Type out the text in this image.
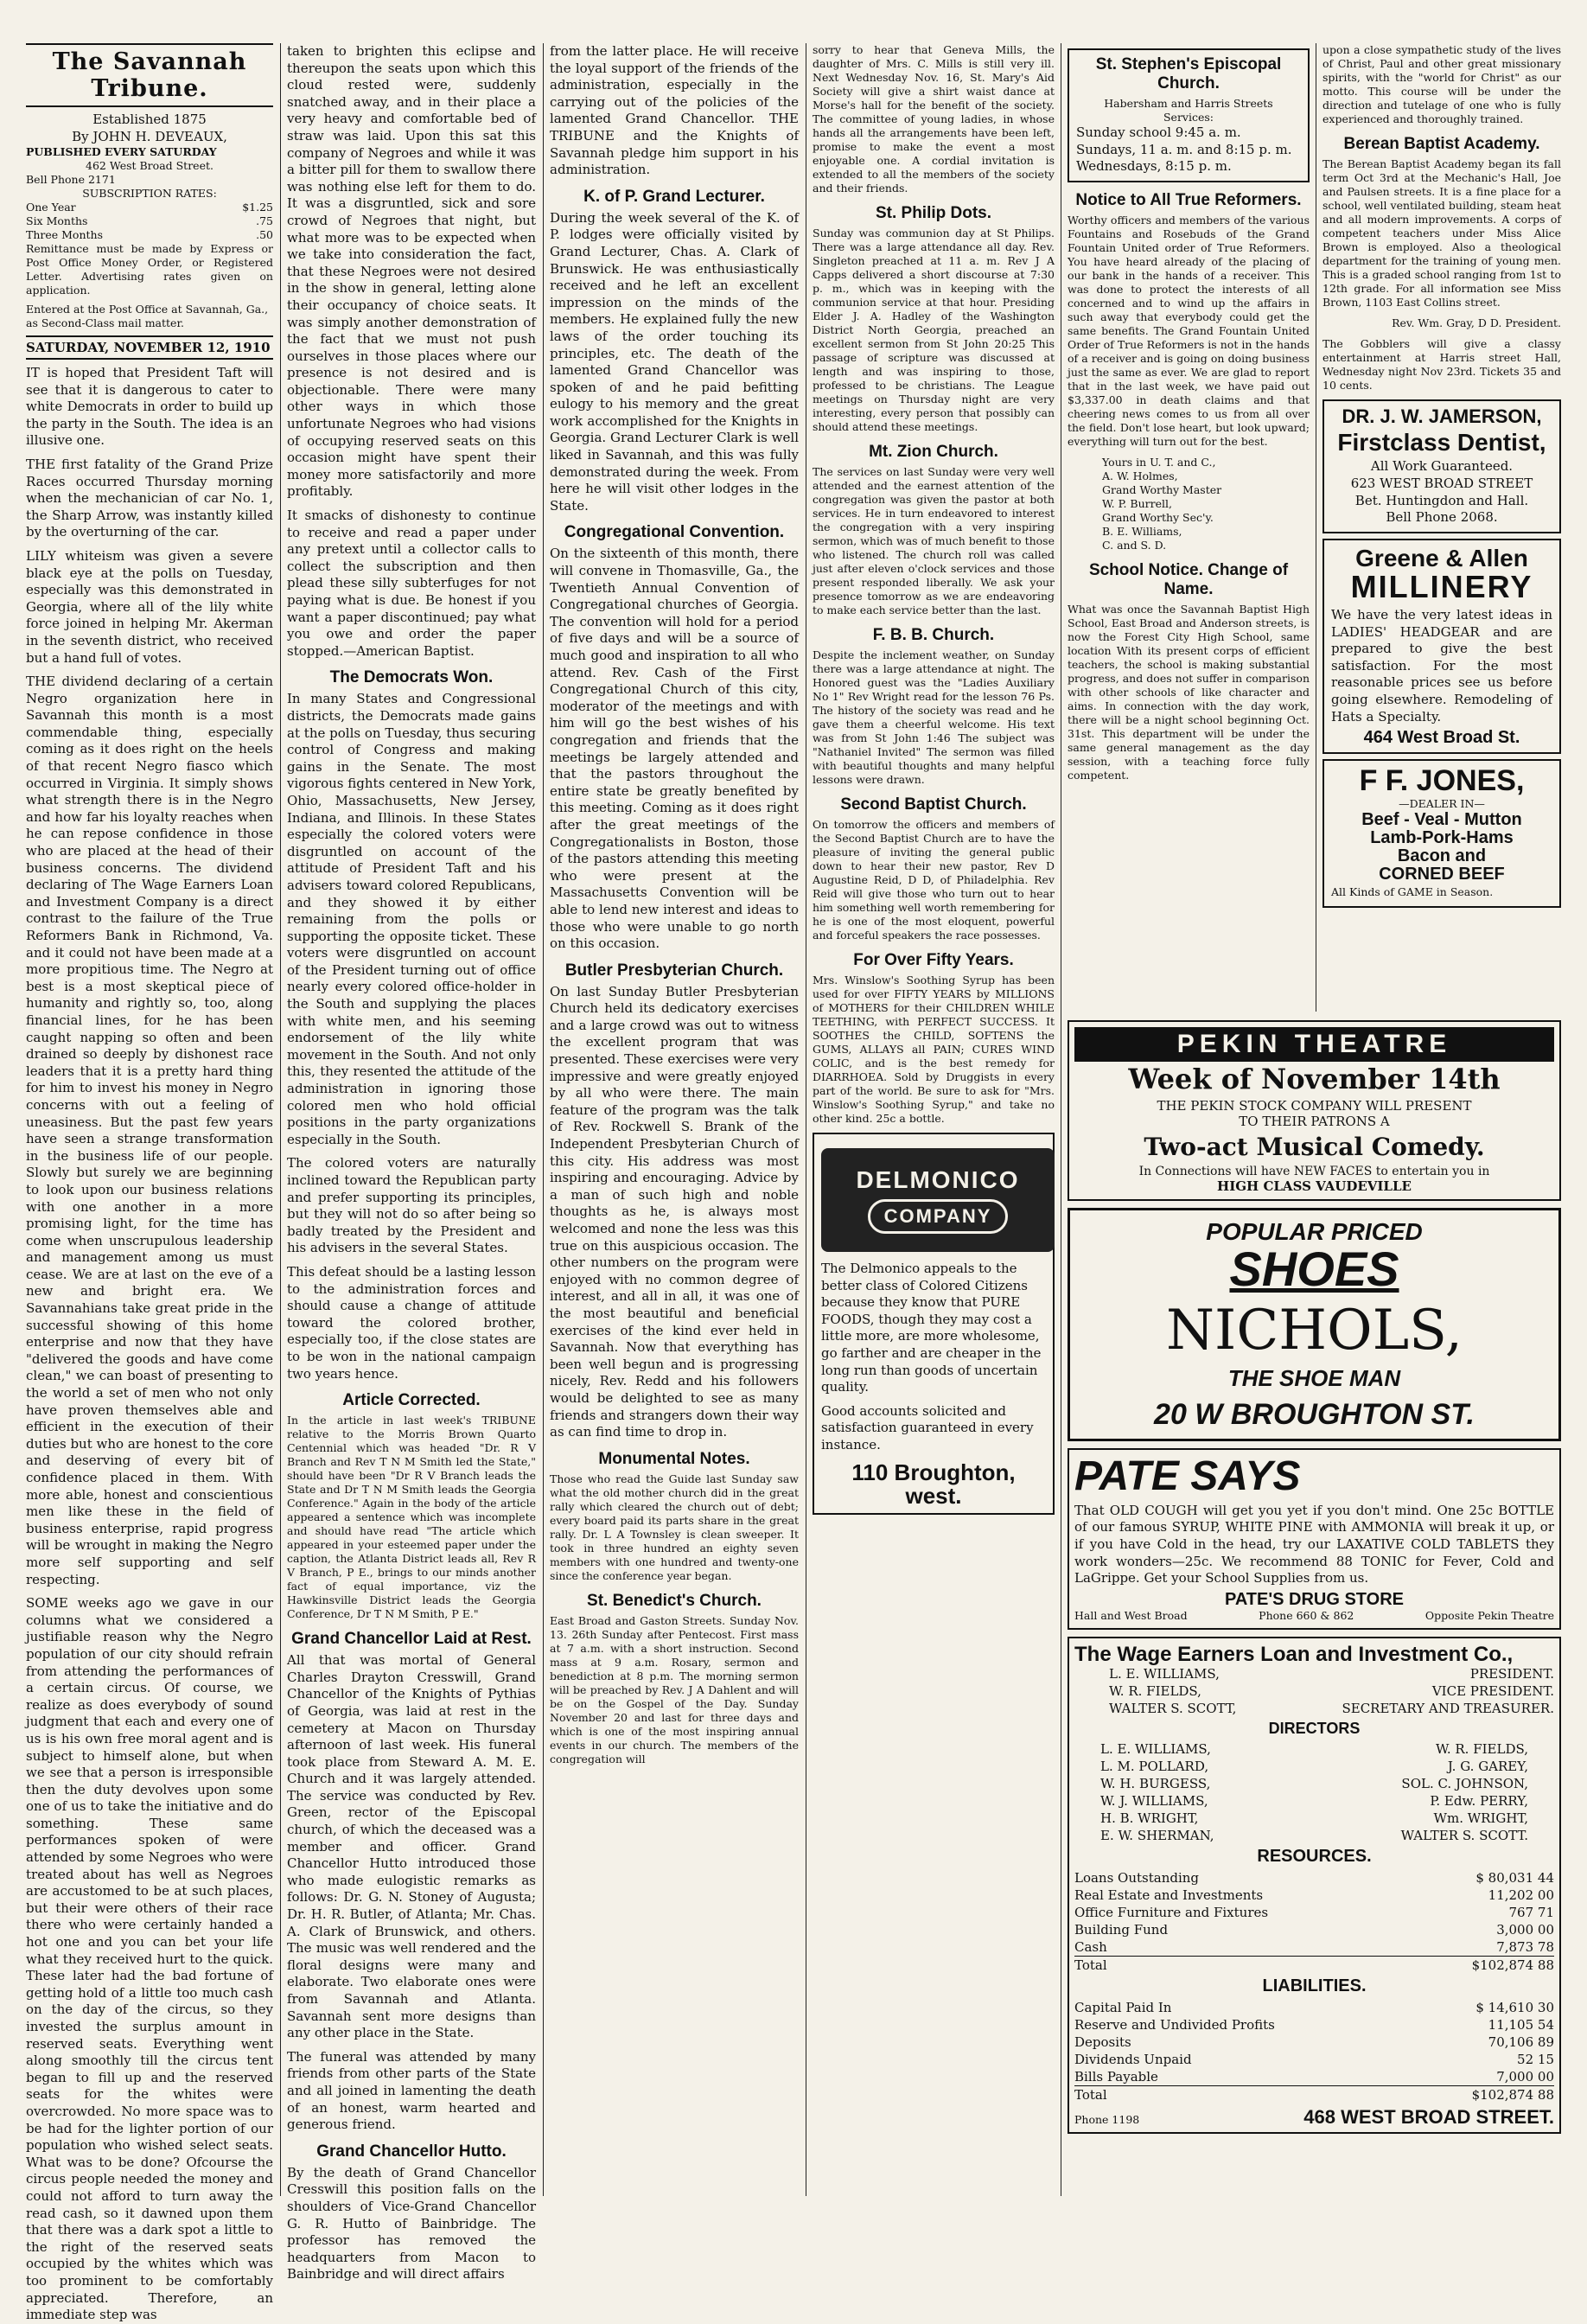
The Savannah Tribune.
Established 1875
By JOHN H. DEVEAUX,
PUBLISHED EVERY SATURDAY
462 West Broad Street.
Bell Phone 2171
SUBSCRIPTION RATES:
One Year	$1.25
Six Months	.75
Three Months	.50
Remittance must be made by Express or Post Office Money Order, or Registered Letter. Advertising rates given on application.
Entered at the Post Office at Savannah, Ga., as Second-Class mail matter.
SATURDAY, NOVEMBER 12, 1910

IT is hoped that President Taft will see that it is dangerous to cater to white Democrats in order to build up the party in the South. The idea is an illusive one.

THE first fatality of the Grand Prize Races occurred Thursday morning when the mechanician of car No. 1, the Sharp Arrow, was instantly killed by the overturning of the car.

LILY whiteism was given a severe black eye at the polls on Tuesday, especially was this demonstrated in Georgia, where all of the lily white force joined in helping Mr. Akerman in the seventh district, who received but a hand full of votes.

THE dividend declaring of a certain Negro organization here in Savannah this month is a most commendable thing, especially coming as it does right on the heels of that recent Negro fiasco which occurred in Virginia. It simply shows what strength there is in the Negro and how far his loyalty reaches when he can repose confidence in those who are placed at the head of their business concerns. The dividend declaring of The Wage Earners Loan and Investment Company is a direct contrast to the failure of the True Reformers Bank in Richmond, Va. and it could not have been made at a more propitious time. The Negro at best is a most skeptical piece of humanity and rightly so, too, along financial lines, for he has been caught napping so often and been drained so deeply by dishonest race leaders that it is a pretty hard thing for him to invest his money in Negro concerns with out a feeling of uneasiness. But the past few years have seen a strange transformation in the business life of our people. Slowly but surely we are beginning to look upon our business relations with one another in a more promising light, for the time has come when unscrupulous leadership and management among us must cease. We are at last on the eve of a new and bright era. We Savannahians take great pride in the successful showing of this home enterprise and now that they have "delivered the goods and have come clean," we can boast of presenting to the world a set of men who not only have proven themselves able and efficient in the execution of their duties but who are honest to the core and deserving of every bit of confidence placed in them. With more able, honest and conscientious men like these in the field of business enterprise, rapid progress will be wrought in making the Negro more self supporting and self respecting.

SOME weeks ago we gave in our columns what we considered a justifiable reason why the Negro population of our city should refrain from attending the performances of a certain circus. Of course, we realize as does everybody of sound judgment that each and every one of us is his own free moral agent and is subject to himself alone, but when we see that a person is irresponsible then the duty devolves upon some one of us to take the initiative and do something. These same performances spoken of were attended by some Negroes who were treated about has well as Negroes are accustomed to be at such places, but their were others of their race there who were certainly handed a hot one and you can bet your life what they received hurt to the quick. These later had the bad fortune of getting hold of a little too much cash on the day of the circus, so they invested the surplus amount in reserved seats. Everything went along smoothly till the circus tent began to fill up and the reserved seats for the whites were overcrowded. No more space was to be had for the lighter portion of our population who wished select seats. What was to be done? Ofcourse the circus people needed the money and could not afford to turn away the read cash, so it dawned upon them that there was a dark spot a little to the right of the reserved seats occupied by the whites which was too prominent to be comfortably appreciated. Therefore, an immediate step was

taken to brighten this eclipse and thereupon the seats upon which this cloud rested were, suddenly snatched away, and in their place a very heavy and comfortable bed of straw was laid. Upon this sat this company of Negroes and while it was a bitter pill for them to swallow there was nothing else left for them to do. It was a disgruntled, sick and sore crowd of Negroes that night, but what more was to be expected when we take into consideration the fact, that these Negroes were not desired in the show in general, letting alone their occupancy of choice seats. It was simply another demonstration of the fact that we must not push ourselves in those places where our presence is not desired and is objectionable. There were many other ways in which those unfortunate Negroes who had visions of occupying reserved seats on this occasion might have spent their money more satisfactorily and more profitably.

It smacks of dishonesty to continue to receive and read a paper under any pretext until a collector calls to collect the subscription and then plead these silly subterfuges for not paying what is due. Be honest if you want a paper discontinued; pay what you owe and order the paper stopped.—American Baptist.

The Democrats Won.

In many States and Congressional districts, the Democrats made gains at the polls on Tuesday, thus securing control of Congress and making gains in the Senate. The most vigorous fights centered in New York, Ohio, Massachusetts, New Jersey, Indiana, and Illinois. In these States especially the colored voters were disgruntled on account of the attitude of President Taft and his advisers toward colored Republicans, and they showed it by either remaining from the polls or supporting the opposite ticket. These voters were disgruntled on account of the President turning out of office nearly every colored office-holder in the South and supplying the places with white men, and his seeming endorsement of the lily white movement in the South. And not only this, they resented the attitude of the administration in ignoring those colored men who hold official positions in the party organizations especially in the South.

The colored voters are naturally inclined toward the Republican party and prefer supporting its principles, but they will not do so after being so badly treated by the President and his advisers in the several States.

This defeat should be a lasting lesson to the administration forces and should cause a change of attitude toward the colored brother, especially too, if the close states are to be won in the national campaign two years hence.

Article Corrected.

In the article in last week's TRIBUNE relative to the Morris Brown Quarto Centennial which was headed "Dr. R V Branch and Rev T N M Smith led the State," should have been "Dr R V Branch leads the State and Dr T N M Smith leads the Georgia Conference." Again in the body of the article appeared a sentence which was incomplete and should have read "The article which appeared in your esteemed paper under the caption, the Atlanta District leads all, Rev R V Branch, P E., brings to our minds another fact of equal importance, viz the Hawkinsville District leads the Georgia Conference, Dr T N M Smith, P E."

Grand Chancellor Laid at Rest.

All that was mortal of General Charles Drayton Cresswill, Grand Chancellor of the Knights of Pythias of Georgia, was laid at rest in the cemetery at Macon on Thursday afternoon of last week. His funeral took place from Steward A. M. E. Church and it was largely attended. The service was conducted by Rev. Green, rector of the Episcopal church, of which the deceased was a member and officer. Grand Chancellor Hutto introduced those who made eulogistic remarks as follows: Dr. G. N. Stoney of Augusta; Dr. H. R. Butler, of Atlanta; Mr. Chas. A. Clark of Brunswick, and others. The music was well rendered and the floral designs were many and elaborate. Two elaborate ones were from Savannah and Atlanta. Savannah sent more designs than any other place in the State.

The funeral was attended by many friends from other parts of the State and all joined in lamenting the death of an honest, warm hearted and generous friend.

Grand Chancellor Hutto.

By the death of Grand Chancellor Cresswill this position falls on the shoulders of Vice-Grand Chancellor G. R. Hutto of Bainbridge. The professor has removed the headquarters from Macon to Bainbridge and will direct affairs

from the latter place. He will receive the loyal support of the friends of the administration, especially in the carrying out of the policies of the lamented Grand Chancellor. THE TRIBUNE and the Knights of Savannah pledge him support in his administration.

K. of P. Grand Lecturer.

During the week several of the K. of P. lodges were officially visited by Grand Lecturer, Chas. A. Clark of Brunswick. He was enthusiastically received and he left an excellent impression on the minds of the members. He explained fully the new laws of the order touching its principles, etc. The death of the lamented Grand Chancellor was spoken of and he paid befitting eulogy to his memory and the great work accomplished for the Knights in Georgia. Grand Lecturer Clark is well liked in Savannah, and this was fully demonstrated during the week. From here he will visit other lodges in the State.

Congregational Convention.

On the sixteenth of this month, there will convene in Thomasville, Ga., the Twentieth Annual Convention of Congregational churches of Georgia. The convention will hold for a period of five days and will be a source of much good and inspiration to all who attend. Rev. Cash of the First Congregational Church of this city, moderator of the meetings and with him will go the best wishes of his congregation and friends that the meetings be largely attended and that the pastors throughout the entire state be greatly benefited by this meeting. Coming as it does right after the great meetings of the Congregationalists in Boston, those of the pastors attending this meeting who were present at the Massachusetts Convention will be able to lend new interest and ideas to those who were unable to go north on this occasion.

Butler Presbyterian Church.

On last Sunday Butler Presbyterian Church held its dedicatory exercises and a large crowd was out to witness the excellent program that was presented. These exercises were very impressive and were greatly enjoyed by all who were there. The main feature of the program was the talk of Rev. Rockwell S. Brank of the Independent Presbyterian Church of this city. His address was most inspiring and encouraging. Advice by a man of such high and noble thoughts as he, is always most welcomed and none the less was this true on this auspicious occasion. The other numbers on the program were enjoyed with no common degree of interest, and all in all, it was one of the most beautiful and beneficial exercises of the kind ever held in Savannah. Now that everything has been well begun and is progressing nicely, Rev. Redd and his followers would be delighted to see as many friends and strangers down their way as can find time to drop in.

Monumental Notes.

Those who read the Guide last Sunday saw what the old mother church did in the great rally which cleared the church out of debt; every board paid its parts share in the great rally. Dr. L A Townsley is clean sweeper. It took in three hundred an eighty seven members with one hundred and twenty-one since the conference year began.

St. Benedict's Church.

East Broad and Gaston Streets. Sunday Nov. 13. 26th Sunday after Pentecost. First mass at 7 a.m. with a short instruction. Second mass at 9 a.m. Rosary, sermon and benediction at 8 p.m. The morning sermon will be preached by Rev. J A Dahlent and will be on the Gospel of the Day. Sunday November 20 and last for three days and which is one of the most inspiring annual events in our church. The members of the congregation will

sorry to hear that Geneva Mills, the daughter of Mrs. C. Mills is still very ill. Next Wednesday Nov. 16, St. Mary's Aid Society will give a shirt waist dance at Morse's hall for the benefit of the society. The committee of young ladies, in whose hands all the arrangements have been left, promise to make the event a most enjoyable one. A cordial invitation is extended to all the members of the society and their friends.

St. Philip Dots.

Sunday was communion day at St Philips. There was a large attendance all day. Rev. Singleton preached at 11 a. m. Rev J A Capps delivered a short discourse at 7:30 p. m., which was in keeping with the communion service at that hour. Presiding Elder J. A. Hadley of the Washington District North Georgia, preached an excellent sermon from St John 20:25 This passage of scripture was discussed at length and was inspiring to those, professed to be christians. The League meetings on Thursday night are very interesting, every person that possibly can should attend these meetings.

Mt. Zion Church.

The services on last Sunday were very well attended and the earnest attention of the congregation was given the pastor at both services. He in turn endeavored to interest the congregation with a very inspiring sermon, which was of much benefit to those who listened. The church roll was called just after eleven o'clock services and those present responded liberally. We ask your presence tomorrow as we are endeavoring to make each service better than the last.

F. B. B. Church.

Despite the inclement weather, on Sunday there was a large attendance at night. The Honored guest was the "Ladies Auxiliary No 1" Rev Wright read for the lesson 76 Ps. The history of the society was read and he gave them a cheerful welcome. His text was from St John 1:46 The subject was "Nathaniel Invited" The sermon was filled with beautiful thoughts and many helpful lessons were drawn.

Second Baptist Church.

On tomorrow the officers and members of the Second Baptist Church are to have the pleasure of inviting the general public down to hear their new pastor, Rev D Augustine Reid, D D, of Philadelphia. Rev Reid will give those who turn out to hear him something well worth remembering for he is one of the most eloquent, powerful and forceful speakers the race possesses.

For Over Fifty Years.

Mrs. Winslow's Soothing Syrup has been used for over FIFTY YEARS by MILLIONS of MOTHERS for their CHILDREN WHILE TEETHING, with PERFECT SUCCESS. It SOOTHES the CHILD, SOFTENS the GUMS, ALLAYS all PAIN; CURES WIND COLIC, and is the best remedy for DIARRHOEA. Sold by Druggists in every part of the world. Be sure to ask for "Mrs. Winslow's Soothing Syrup," and take no other kind. 25c a bottle.

DELMONICO
COMPANY

The Delmonico appeals to the better class of Colored Citizens because they know that PURE FOODS, though they may cost a little more, are more wholesome, go farther and are cheaper in the long run than goods of uncertain quality.

Good accounts solicited and satisfaction guaranteed in every instance.

110 Broughton, west.
St. Stephen's Episcopal Church.
Habersham and Harris Streets
Services:
Sunday school 9:45 a. m.
Sundays, 11 a. m. and 8:15 p. m.
Wednesdays, 8:15 p. m.
Notice to All True Reformers.

Worthy officers and members of the various Fountains and Rosebuds of the Grand Fountain United order of True Reformers. You have heard already of the placing of our bank in the hands of a receiver. This was done to protect the interests of all concerned and to wind up the affairs in such away that everybody could get the same benefits. The Grand Fountain United Order of True Reformers is not in the hands of a receiver and is going on doing business just the same as ever. We are glad to report that in the last week, we have paid out $3,337.00 in death claims and that cheering news comes to us from all over the field. Don't lose heart, but look upward; everything will turn out for the best.

Yours in U. T. and C.,
A. W. Holmes,
Grand Worthy Master
W. P. Burrell,
Grand Worthy Sec'y.
B. E. Williams,
C. and S. D.
School Notice. Change of Name.

What was once the Savannah Baptist High School, East Broad and Anderson streets, is now the Forest City High School, same location With its present corps of efficient teachers, the school is making substantial progress, and does not suffer in comparison with other schools of like character and aims. In connection with the day work, there will be a night school beginning Oct. 31st. This department will be under the same general management as the day session, with a teaching force fully competent.

upon a close sympathetic study of the lives of Christ, Paul and other great missionary spirits, with the "world for Christ" as our motto. This course will be under the direction and tutelage of one who is fully experienced and thoroughly trained.

Berean Baptist Academy.

The Berean Baptist Academy began its fall term Oct 3rd at the Mechanic's Hall, Joe and Paulsen streets. It is a fine place for a school, well ventilated building, steam heat and all modern improvements. A corps of competent teachers under Miss Alice Brown is employed. Also a theological department for the training of young men. This is a graded school ranging from 1st to 12th grade. For all information see Miss Brown, 1103 East Collins street.

Rev. Wm. Gray, D D. President.

The Gobblers will give a classy entertainment at Harris street Hall, Wednesday night Nov 23rd. Tickets 35 and 10 cents.

DR. J. W. JAMERSON,
Firstclass Dentist,
All Work Guaranteed.
623 WEST BROAD STREET
Bet. Huntingdon and Hall.
Bell Phone 2068.
Greene & Allen
MILLINERY

We have the very latest ideas in LADIES' HEADGEAR and are prepared to give the best satisfaction. For the most reasonable prices see us before going elsewhere. Remodeling of Hats a Specialty.

464 West Broad St.
F F. JONES,
—DEALER IN—
Beef - Veal - Mutton
Lamb-Pork-Hams
Bacon and
CORNED BEEF
All Kinds of GAME in Season.
PEKIN THEATRE
Week of November 14th
THE PEKIN STOCK COMPANY WILL PRESENT
TO THEIR PATRONS A
Two-act Musical Comedy.
In Connections will have NEW FACES to entertain you in
HIGH CLASS VAUDEVILLE
POPULAR PRICED
SHOES
NICHOLS,
THE SHOE MAN
20 W BROUGHTON ST.
PATE SAYS

That OLD COUGH will get you yet if you don't mind. One 25c BOTTLE of our famous SYRUP, WHITE PINE with AMMONIA will break it up, or if you have Cold in the head, try our LAXATIVE COLD TABLETS they work wonders—25c. We recommend 88 TONIC for Fever, Cold and LaGrippe. Get your School Supplies from us.

PATE'S DRUG STORE
Hall and West Broad	Phone 660 & 862	Opposite Pekin Theatre
The Wage Earners Loan and Investment Co.,
L. E. WILLIAMS,	PRESIDENT.
W. R. FIELDS,	VICE PRESIDENT.
WALTER S. SCOTT,	SECRETARY AND TREASURER.
DIRECTORS
L. E. WILLIAMS,	W. R. FIELDS,
L. M. POLLARD,	J. G. GAREY,
W. H. BURGESS,	SOL. C. JOHNSON,
W. J. WILLIAMS,	P. Edw. PERRY,
H. B. WRIGHT,	Wm. WRIGHT,
E. W. SHERMAN,	WALTER S. SCOTT.
RESOURCES.
Loans Outstanding	$ 80,031 44
Real Estate and Investments	11,202 00
Office Furniture and Fixtures	767 71
Building Fund	3,000 00
Cash	7,873 78
Total	$102,874 88
LIABILITIES.
Capital Paid In	$ 14,610 30
Reserve and Undivided Profits	11,105 54
Deposits	70,106 89
Dividends Unpaid	52 15
Bills Payable	7,000 00
Total	$102,874 88
Phone 1198	468 WEST BROAD STREET.
